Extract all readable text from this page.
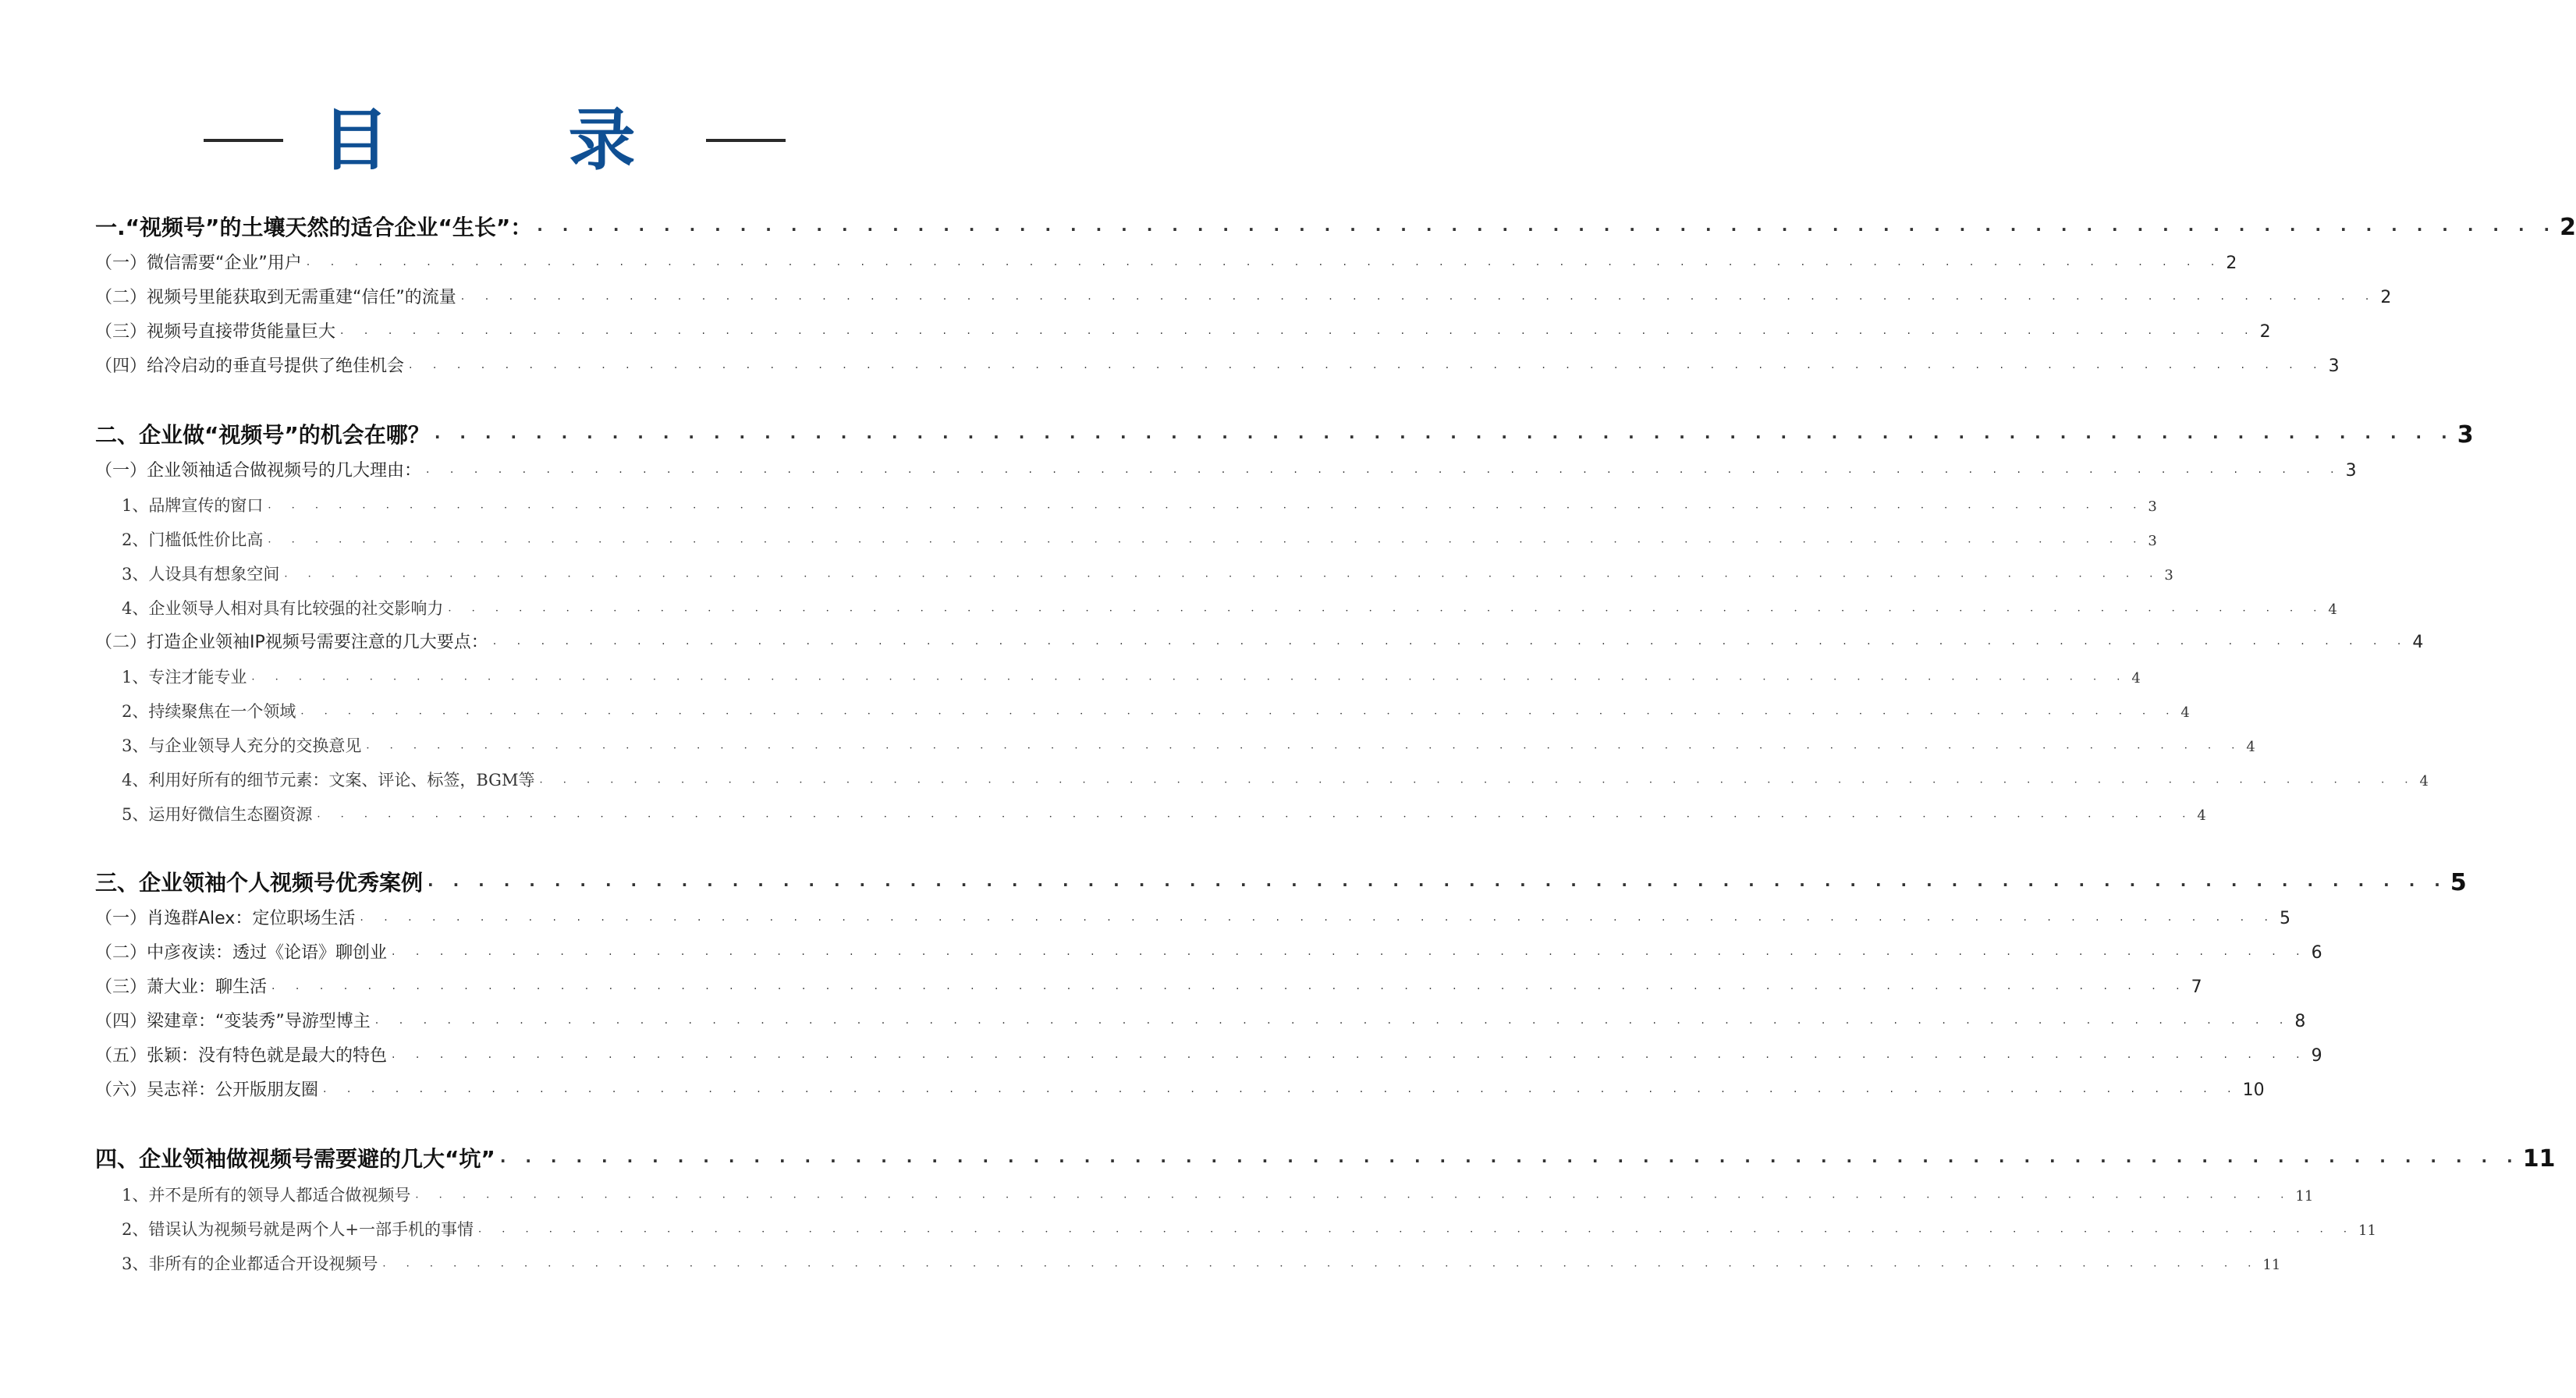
目　录
一.“视频号”的土壤天然的适合企业“生长”： · · · · · · · · · · · · · · · · · · · · · · · · · · · · · · · · · · · · · · · · · · · · · · · · · · · · · · · · · · · · · · · · · · · · · · · · · · · · · · · · 2
（一）微信需要“企业”用户 · · · · · · · · · · · · · · · · · · · · · · · · · · · · · · · · · · · · · · · · · · · · · · · · · · · · · · · · · · · · · · · · · · · · · · · · · · · · · · · · 2
（二）视频号里能获取到无需重建“信任”的流量 · · · · · · · · · · · · · · · · · · · · · · · · · · · · · · · · · · · · · · · · · · · · · · · · · · · · · · · · · · · · · · · · · · · · · · · · · · · · · · · · 2
（三）视频号直接带货能量巨大 · · · · · · · · · · · · · · · · · · · · · · · · · · · · · · · · · · · · · · · · · · · · · · · · · · · · · · · · · · · · · · · · · · · · · · · · · · · · · · · · 2
（四）给冷启动的垂直号提供了绝佳机会 · · · · · · · · · · · · · · · · · · · · · · · · · · · · · · · · · · · · · · · · · · · · · · · · · · · · · · · · · · · · · · · · · · · · · · · · · · · · · · · · 3
二、企业做“视频号”的机会在哪？ · · · · · · · · · · · · · · · · · · · · · · · · · · · · · · · · · · · · · · · · · · · · · · · · · · · · · · · · · · · · · · · · · · · · · · · · · · · · · · · · 3
（一）企业领袖适合做视频号的几大理由： · · · · · · · · · · · · · · · · · · · · · · · · · · · · · · · · · · · · · · · · · · · · · · · · · · · · · · · · · · · · · · · · · · · · · · · · · · · · · · · · 3
1、品牌宣传的窗口 · · · · · · · · · · · · · · · · · · · · · · · · · · · · · · · · · · · · · · · · · · · · · · · · · · · · · · · · · · · · · · · · · · · · · · · · · · · · · · · · 3
2、门槛低性价比高 · · · · · · · · · · · · · · · · · · · · · · · · · · · · · · · · · · · · · · · · · · · · · · · · · · · · · · · · · · · · · · · · · · · · · · · · · · · · · · · · 3
3、人设具有想象空间 · · · · · · · · · · · · · · · · · · · · · · · · · · · · · · · · · · · · · · · · · · · · · · · · · · · · · · · · · · · · · · · · · · · · · · · · · · · · · · · · 3
4、企业领导人相对具有比较强的社交影响力 · · · · · · · · · · · · · · · · · · · · · · · · · · · · · · · · · · · · · · · · · · · · · · · · · · · · · · · · · · · · · · · · · · · · · · · · · · · · · · · · 4
（二）打造企业领袖IP视频号需要注意的几大要点： · · · · · · · · · · · · · · · · · · · · · · · · · · · · · · · · · · · · · · · · · · · · · · · · · · · · · · · · · · · · · · · · · · · · · · · · · · · · · · · · 4
1、专注才能专业 · · · · · · · · · · · · · · · · · · · · · · · · · · · · · · · · · · · · · · · · · · · · · · · · · · · · · · · · · · · · · · · · · · · · · · · · · · · · · · · · 4
2、持续聚焦在一个领域 · · · · · · · · · · · · · · · · · · · · · · · · · · · · · · · · · · · · · · · · · · · · · · · · · · · · · · · · · · · · · · · · · · · · · · · · · · · · · · · · 4
3、与企业领导人充分的交换意见 · · · · · · · · · · · · · · · · · · · · · · · · · · · · · · · · · · · · · · · · · · · · · · · · · · · · · · · · · · · · · · · · · · · · · · · · · · · · · · · · 4
4、利用好所有的细节元素：文案、评论、标签，BGM等 · · · · · · · · · · · · · · · · · · · · · · · · · · · · · · · · · · · · · · · · · · · · · · · · · · · · · · · · · · · · · · · · · · · · · · · · · · · · · · · · 4
5、运用好微信生态圈资源 · · · · · · · · · · · · · · · · · · · · · · · · · · · · · · · · · · · · · · · · · · · · · · · · · · · · · · · · · · · · · · · · · · · · · · · · · · · · · · · · 4
三、企业领袖个人视频号优秀案例 · · · · · · · · · · · · · · · · · · · · · · · · · · · · · · · · · · · · · · · · · · · · · · · · · · · · · · · · · · · · · · · · · · · · · · · · · · · · · · · · 5
（一）肖逸群Alex：定位职场生活 · · · · · · · · · · · · · · · · · · · · · · · · · · · · · · · · · · · · · · · · · · · · · · · · · · · · · · · · · · · · · · · · · · · · · · · · · · · · · · · · 5
（二）中彦夜读：透过《论语》聊创业 · · · · · · · · · · · · · · · · · · · · · · · · · · · · · · · · · · · · · · · · · · · · · · · · · · · · · · · · · · · · · · · · · · · · · · · · · · · · · · · · 6
（三）萧大业：聊生活 · · · · · · · · · · · · · · · · · · · · · · · · · · · · · · · · · · · · · · · · · · · · · · · · · · · · · · · · · · · · · · · · · · · · · · · · · · · · · · · · 7
（四）梁建章：“变装秀”导游型博主 · · · · · · · · · · · · · · · · · · · · · · · · · · · · · · · · · · · · · · · · · · · · · · · · · · · · · · · · · · · · · · · · · · · · · · · · · · · · · · · · 8
（五）张颖：没有特色就是最大的特色 · · · · · · · · · · · · · · · · · · · · · · · · · · · · · · · · · · · · · · · · · · · · · · · · · · · · · · · · · · · · · · · · · · · · · · · · · · · · · · · · 9
（六）吴志祥：公开版朋友圈 · · · · · · · · · · · · · · · · · · · · · · · · · · · · · · · · · · · · · · · · · · · · · · · · · · · · · · · · · · · · · · · · · · · · · · · · · · · · · · · · 10
四、企业领袖做视频号需要避的几大“坑” · · · · · · · · · · · · · · · · · · · · · · · · · · · · · · · · · · · · · · · · · · · · · · · · · · · · · · · · · · · · · · · · · · · · · · · · · · · · · · · · 11
1、并不是所有的领导人都适合做视频号 · · · · · · · · · · · · · · · · · · · · · · · · · · · · · · · · · · · · · · · · · · · · · · · · · · · · · · · · · · · · · · · · · · · · · · · · · · · · · · · · 11
2、错误认为视频号就是两个人+一部手机的事情 · · · · · · · · · · · · · · · · · · · · · · · · · · · · · · · · · · · · · · · · · · · · · · · · · · · · · · · · · · · · · · · · · · · · · · · · · · · · · · · · 11
3、非所有的企业都适合开设视频号 · · · · · · · · · · · · · · · · · · · · · · · · · · · · · · · · · · · · · · · · · · · · · · · · · · · · · · · · · · · · · · · · · · · · · · · · · · · · · · · · 11
